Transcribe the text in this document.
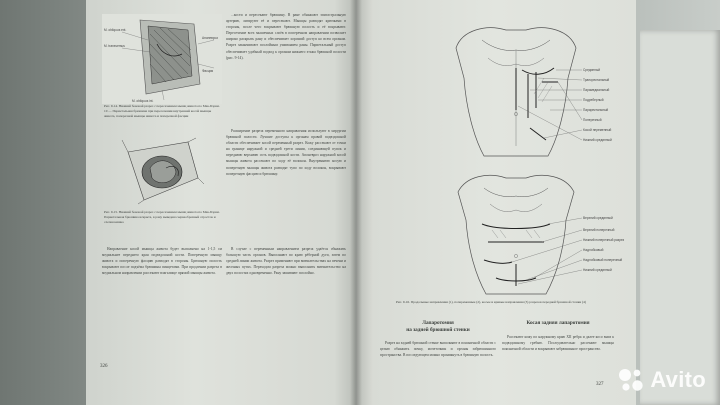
М. obliquus ext.
М. transversus
Апоневроз
Фасция
M. obliquus int.
Рис. 9-14. Нижний боковой разрез с пересечением мышц живота по Мак-Бэрни. 10 — Париетальная брюшина при пересечении внутренней косой мышцы живота, поперечной мышцы живота и поперечной фасции
Рис. 9-15. Нижний боковой разрез с пересечением мышц живота по Мак-Бэрни. Париетальная брюшина вскрыта, в рану выведена червеобразный отросток и слепая кишка

...кости и пересекают брюшину. В ране обнажают эпигастральную артерию, лигируют её и пересекают. Мышцы разводят крючками в стороны, после чего вскрывают брюшную полость и её вскрывают. Пересечение всех мышечных слоёв в поперечном направлении позволяет широко раскрыть рану и обеспечивает хороший доступ ко всем органам. Разрез заканчивают послойным ушиванием раны. Париетальный доступ обеспечивает удобный подход к органам нижнего этажа брюшной полости (рис. 9-14).

Расширение разреза переменного направления используют в хирургии брюшной полости. Лучшие доступы к органам правой подвздошной области обеспечивает косой переменный разрез. Кожу рассекают от точки на границе наружной и средней трети линии, соединяющей пупок и переднюю верхнюю ость подвздошной кости. Апоневроз наружной косой мышцы живота рассекают по ходу её волокон. Внутреннюю косую и поперечную мышцы живота разводят тупо по ходу волокон, вскрывают поперечную фасцию и брюшину.

Направление косой мышцы живота будет выполнено на 1-1,5 см медиальнее переднего края подвздошной кости. Поперечную мышцу живота и поперечную фасцию разводят в стороны. Брюшную полость вскрывают после подъёма брюшины пинцетами. При продлении разреза в медиальном направлении рассекают влагалище прямой мышцы живота.

В случае с переменным направлением разреза удаётся обнажить большую часть органов. Выполняют по краю рёберной дуги, затем по средней линии живота. Разрез применяют при вмешательствах на печени и желчных путях. Переходом разреза можно выполнить вмешательство на двух полостях одновременно. Рану зашивают послойно.

326
Срединный
Трансректальный
Парамедиальный
Подреберный
Параректальный
Поперечный
Косой переменный
Нижний срединный
Верхний срединный
Верхний поперечный
Нижний поперечный разрез
Надлобковый
Надлобковый поперечный
Нижний срединный
Рис. 9-16. Продольные направления (1), попеременные (2), косые и кривые направления (3) разрезов передней брюшной стенки (4)
Лапаротомия
на задней брюшной стенки
Косая задняя лапаротомия

Разрез на задней брюшной стенке выполняют в поясничной области с целью обнажить почку, мочеточник и органы забрюшинного пространства. В последующем можно проникнуть в брюшную полость.

Рассекают кожу по наружному краю XII ребра и далее косо вниз к подвздошному гребню. Последовательно рассекают мышцы поясничной области и вскрывают забрюшинное пространство.

327 Avito
